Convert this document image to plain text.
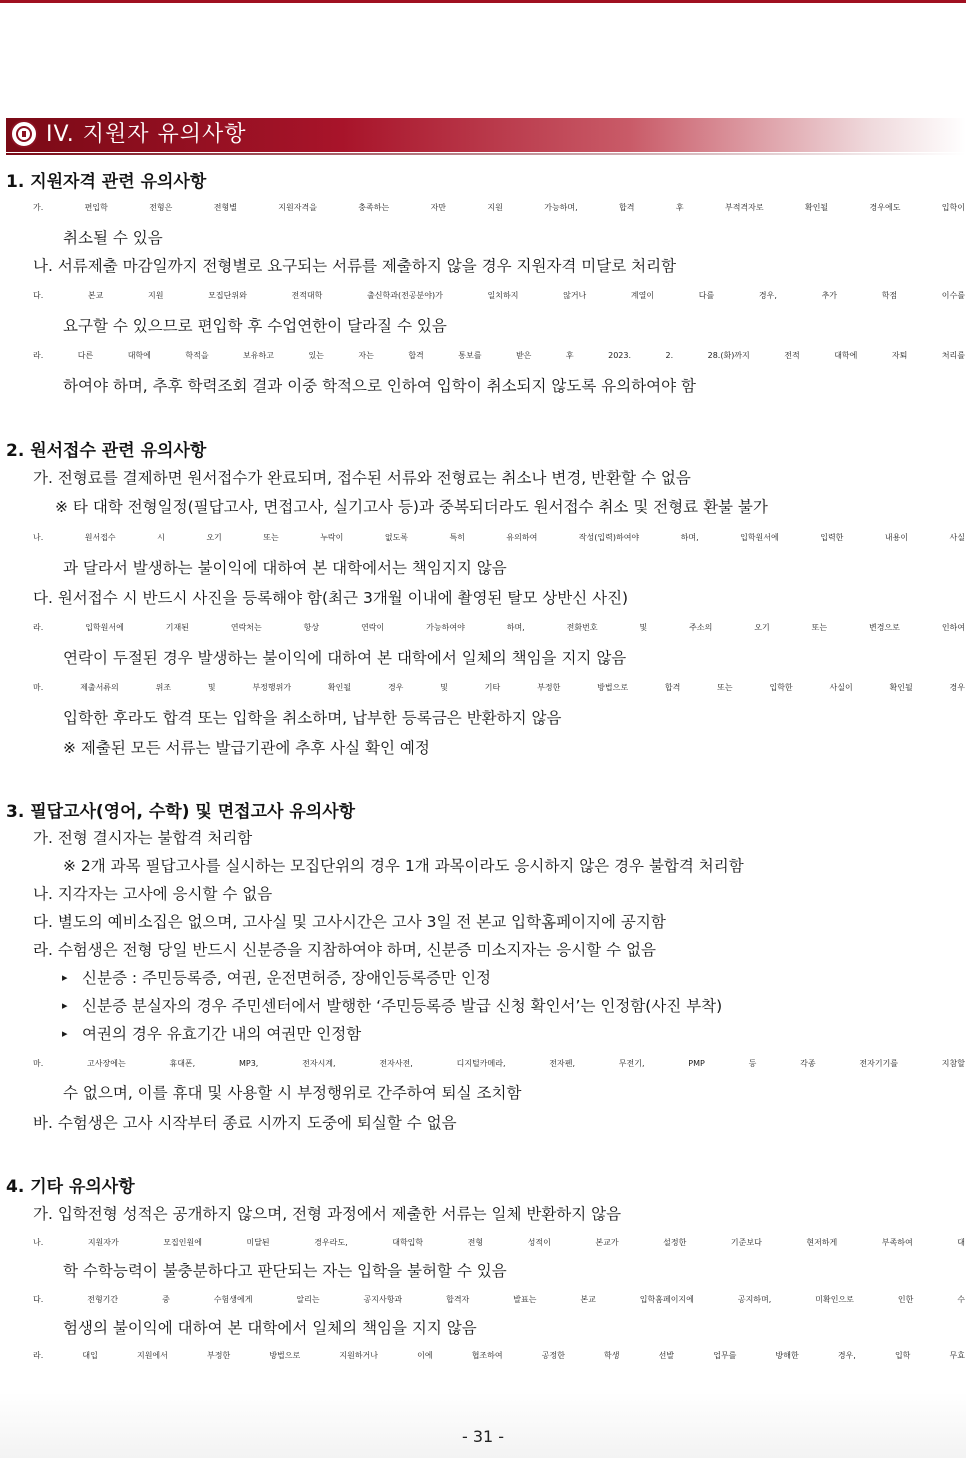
IV. 지원자 유의사항
1. 지원자격 관련 유의사항
가. 편입학 전형은 전형별 지원자격을 충족하는 자만 지원 가능하며, 합격 후 부적격자로 확인될 경우에도 입학이
취소될 수 있음
나. 서류제출 마감일까지 전형별로 요구되는 서류를 제출하지 않을 경우 지원자격 미달로 처리함
다. 본교 지원 모집단위와 전적대학 출신학과(전공분야)가 일치하지 않거나 계열이 다를 경우, 추가 학점 이수를
요구할 수 있으므로 편입학 후 수업연한이 달라질 수 있음
라. 다른 대학에 학적을 보유하고 있는 자는 합격 통보를 받은 후 2023. 2. 28.(화)까지 전적 대학에 자퇴 처리를
하여야 하며, 추후 학력조회 결과 이중 학적으로 인하여 입학이 취소되지 않도록 유의하여야 함
2. 원서접수 관련 유의사항
가. 전형료를 결제하면 원서접수가 완료되며, 접수된 서류와 전형료는 취소나 변경, 반환할 수 없음
※ 타 대학 전형일정(필답고사, 면접고사, 실기고사 등)과 중복되더라도 원서접수 취소 및 전형료 환불 불가
나. 원서접수 시 오기 또는 누락이 없도록 특히 유의하여 작성(입력)하여야 하며, 입학원서에 입력한 내용이 사실
과 달라서 발생하는 불이익에 대하여 본 대학에서는 책임지지 않음
다. 원서접수 시 반드시 사진을 등록해야 함(최근 3개월 이내에 촬영된 탈모 상반신 사진)
라. 입학원서에 기재된 연락처는 항상 연락이 가능하여야 하며, 전화번호 및 주소의 오기 또는 변경으로 인하여
연락이 두절된 경우 발생하는 불이익에 대하여 본 대학에서 일체의 책임을 지지 않음
마. 제출서류의 위조 및 부정행위가 확인될 경우 및 기타 부정한 방법으로 합격 또는 입학한 사실이 확인될 경우
입학한 후라도 합격 또는 입학을 취소하며, 납부한 등록금은 반환하지 않음
※ 제출된 모든 서류는 발급기관에 추후 사실 확인 예정
3. 필답고사(영어, 수학) 및 면접고사 유의사항
가. 전형 결시자는 불합격 처리함
※ 2개 과목 필답고사를 실시하는 모집단위의 경우 1개 과목이라도 응시하지 않은 경우 불합격 처리함
나. 지각자는 고사에 응시할 수 없음
다. 별도의 예비소집은 없으며, 고사실 및 고사시간은 고사 3일 전 본교 입학홈페이지에 공지함
라. 수험생은 전형 당일 반드시 신분증을 지참하여야 하며, 신분증 미소지자는 응시할 수 없음
▸ 신분증 : 주민등록증, 여권, 운전면허증, 장애인등록증만 인정
▸ 신분증 분실자의 경우 주민센터에서 발행한 ‘주민등록증 발급 신청 확인서’는 인정함(사진 부착)
▸ 여권의 경우 유효기간 내의 여권만 인정함
마. 고사장에는 휴대폰, MP3, 전자시계, 전자사전, 디지털카메라, 전자펜, 무전기, PMP 등 각종 전자기기를 지참할
수 없으며, 이를 휴대 및 사용할 시 부정행위로 간주하여 퇴실 조치함
바. 수험생은 고사 시작부터 종료 시까지 도중에 퇴실할 수 없음
4. 기타 유의사항
가. 입학전형 성적은 공개하지 않으며, 전형 과정에서 제출한 서류는 일체 반환하지 않음
나. 지원자가 모집인원에 미달된 경우라도, 대학입학 전형 성적이 본교가 설정한 기준보다 현저하게 부족하여 대
학 수학능력이 불충분하다고 판단되는 자는 입학을 불허할 수 있음
다. 전형기간 중 수험생에게 알리는 공지사항과 합격자 발표는 본교 입학홈페이지에 공지하며, 미확인으로 인한 수
험생의 불이익에 대하여 본 대학에서 일체의 책임을 지지 않음
라. 대입 지원에서 부정한 방법으로 지원하거나 이에 협조하여 공정한 학생 선발 업무를 방해한 경우, 입학 무효
- 31 -
